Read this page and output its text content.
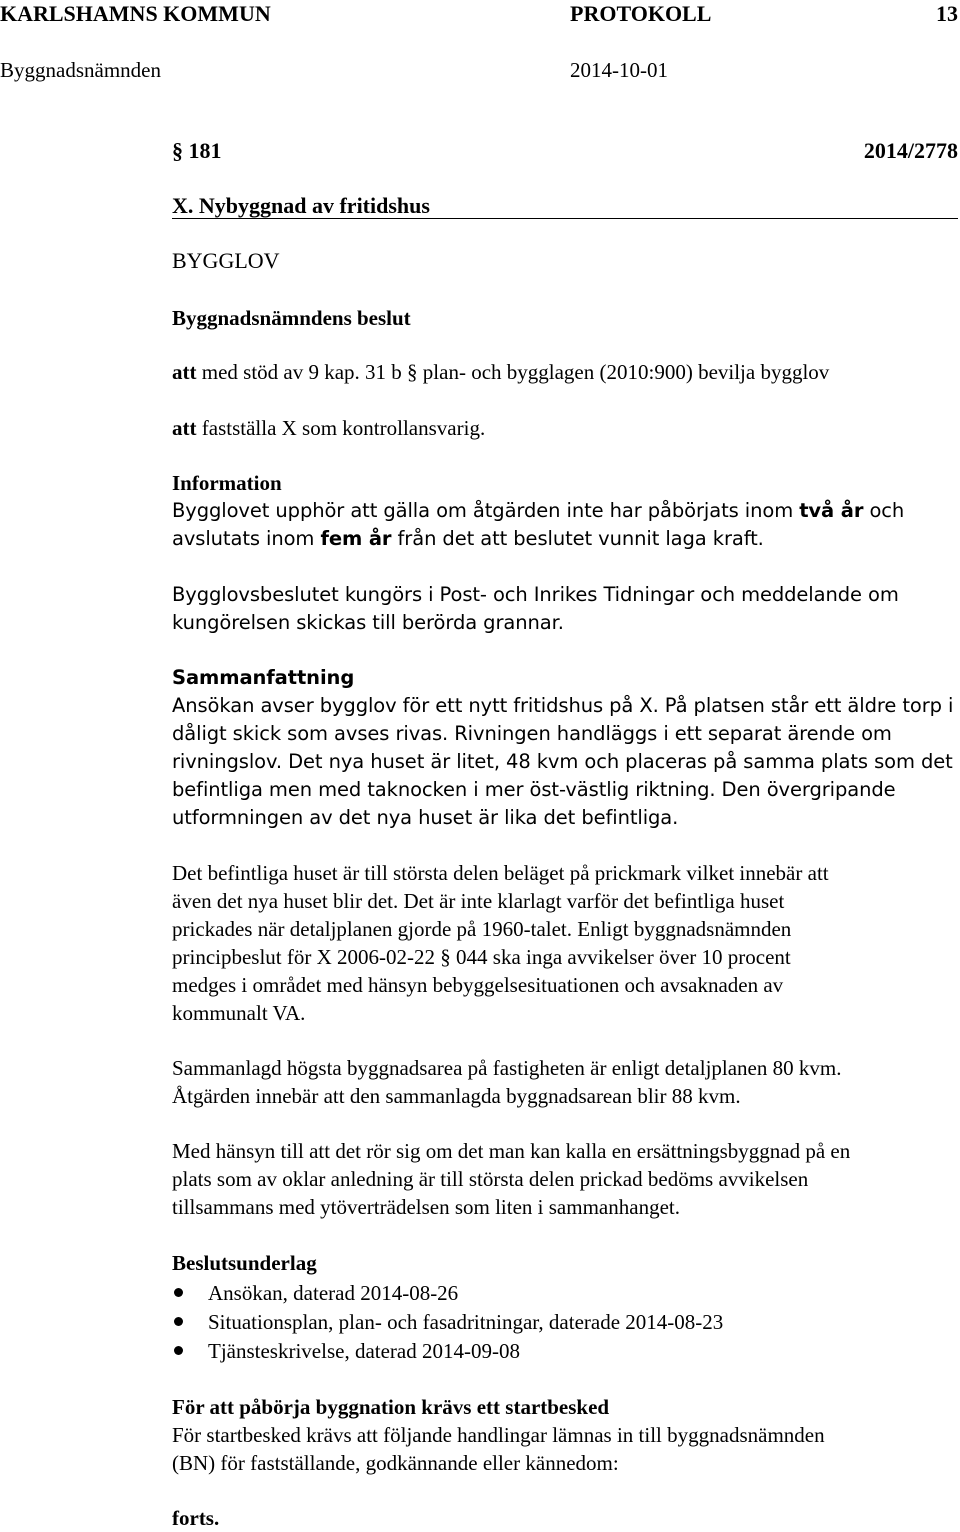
KARLSHAMNS KOMMUN	PROTOKOLL	13
Byggnadsnämnden	2014-10-01
§ 181	2014/2778
X. Nybyggnad av fritidshus
BYGGLOV
Byggnadsnämndens beslut
att med stöd av 9 kap. 31 b § plan- och bygglagen (2010:900) bevilja bygglov
att fastställa X som kontrollansvarig.
Information
Bygglovet upphör att gälla om åtgärden inte har påbörjats inom två år och
avslutats inom fem år från det att beslutet vunnit laga kraft.
Bygglovsbeslutet kungörs i Post- och Inrikes Tidningar och meddelande om
kungörelsen skickas till berörda grannar.
Sammanfattning
Ansökan avser bygglov för ett nytt fritidshus på X. På platsen står ett äldre torp i
dåligt skick som avses rivas. Rivningen handläggs i ett separat ärende om
rivningslov. Det nya huset är litet, 48 kvm och placeras på samma plats som det
befintliga men med taknocken i mer öst-västlig riktning. Den övergripande
utformningen av det nya huset är lika det befintliga.
Det befintliga huset är till största delen beläget på prickmark vilket innebär att
även det nya huset blir det. Det är inte klarlagt varför det befintliga huset
prickades när detaljplanen gjorde på 1960-talet. Enligt byggnadsnämnden
principbeslut för X 2006-02-22 § 044 ska inga avvikelser över 10 procent
medges i området med hänsyn bebyggelsesituationen och avsaknaden av
kommunalt VA.
Sammanlagd högsta byggnadsarea på fastigheten är enligt detaljplanen 80 kvm.
Åtgärden innebär att den sammanlagda byggnadsarean blir 88 kvm.
Med hänsyn till att det rör sig om det man kan kalla en ersättningsbyggnad på en
plats som av oklar anledning är till största delen prickad bedöms avvikelsen
tillsammans med ytöverträdelsen som liten i sammanhanget.
Beslutsunderlag
Ansökan, daterad 2014-08-26
Situationsplan, plan- och fasadritningar, daterade 2014-08-23
Tjänsteskrivelse, daterad 2014-09-08
För att påbörja byggnation krävs ett startbesked
För startbesked krävs att följande handlingar lämnas in till byggnadsnämnden
(BN) för fastställande, godkännande eller kännedom:
forts.
